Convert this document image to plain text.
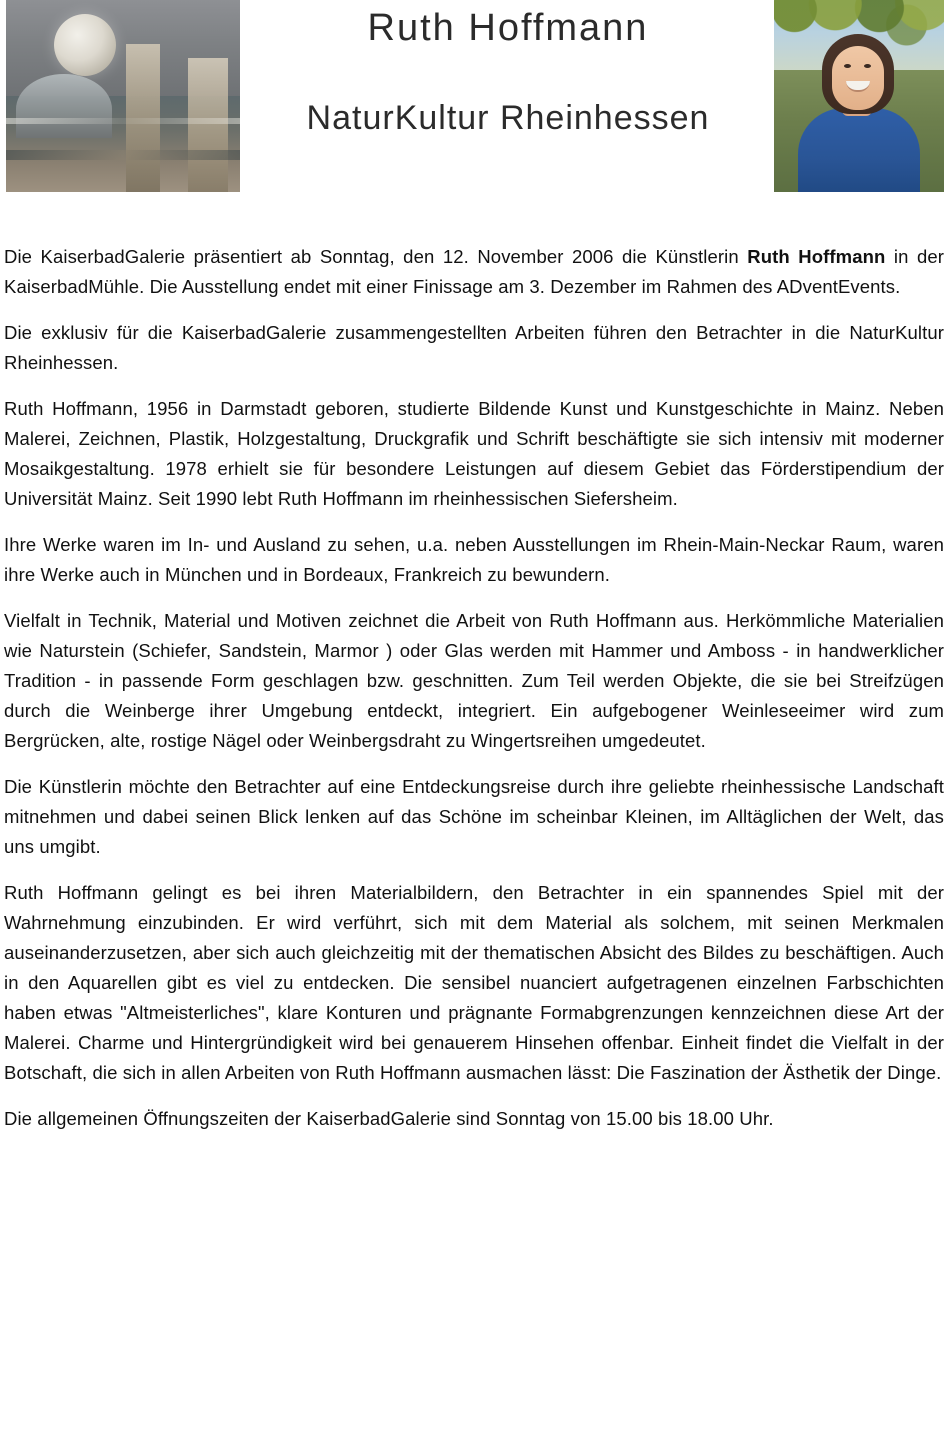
Ruth Hoffmann
NaturKultur Rheinhessen

Die KaiserbadGalerie präsentiert ab Sonntag, den 12. November 2006 die Künstlerin Ruth Hoffmann in der KaiserbadMühle. Die Ausstellung endet mit einer Finissage am 3. Dezember im Rahmen des ADventEvents.

Die exklusiv für die KaiserbadGalerie zusammengestellten Arbeiten führen den Betrachter in die NaturKultur Rheinhessen.

Ruth Hoffmann, 1956 in Darmstadt geboren, studierte Bildende Kunst und Kunstgeschichte in Mainz. Neben Malerei, Zeichnen, Plastik, Holzgestaltung, Druckgrafik und Schrift beschäftigte sie sich intensiv mit moderner Mosaikgestaltung. 1978 erhielt sie für besondere Leistungen auf diesem Gebiet das Förderstipendium der Universität Mainz. Seit 1990 lebt Ruth Hoffmann im rheinhessischen Siefersheim.

Ihre Werke waren im In- und Ausland zu sehen, u.a. neben Ausstellungen im Rhein-Main-Neckar Raum, waren ihre Werke auch in München und in Bordeaux, Frankreich zu bewundern.

Vielfalt in Technik, Material und Motiven zeichnet die Arbeit von Ruth Hoffmann aus. Herkömmliche Materialien wie Naturstein (Schiefer, Sandstein, Marmor ) oder Glas werden mit Hammer und Amboss - in handwerklicher Tradition - in passende Form geschlagen bzw. geschnitten. Zum Teil werden Objekte, die sie bei Streifzügen durch die Weinberge ihrer Umgebung entdeckt, integriert. Ein aufgebogener Weinleseeimer wird zum Bergrücken, alte, rostige Nägel oder Weinbergsdraht zu Wingertsreihen umgedeutet.

Die Künstlerin möchte den Betrachter auf eine Entdeckungsreise durch ihre geliebte rheinhessische Landschaft mitnehmen und dabei seinen Blick lenken auf das Schöne im scheinbar Kleinen, im Alltäglichen der Welt, das uns umgibt.

Ruth Hoffmann gelingt es bei ihren Materialbildern, den Betrachter in ein spannendes Spiel mit der Wahrnehmung einzubinden. Er wird verführt, sich mit dem Material als solchem, mit seinen Merkmalen auseinanderzusetzen, aber sich auch gleichzeitig mit der thematischen Absicht des Bildes zu beschäftigen. Auch in den Aquarellen gibt es viel zu entdecken. Die sensibel nuanciert aufgetragenen einzelnen Farbschichten haben etwas "Altmeisterliches", klare Konturen und prägnante Formabgrenzungen kennzeichnen diese Art der Malerei. Charme und Hintergründigkeit wird bei genauerem Hinsehen offenbar. Einheit findet die Vielfalt in der Botschaft, die sich in allen Arbeiten von Ruth Hoffmann ausmachen lässt: Die Faszination der Ästhetik der Dinge.

Die allgemeinen Öffnungszeiten der KaiserbadGalerie sind Sonntag von 15.00 bis 18.00 Uhr.
